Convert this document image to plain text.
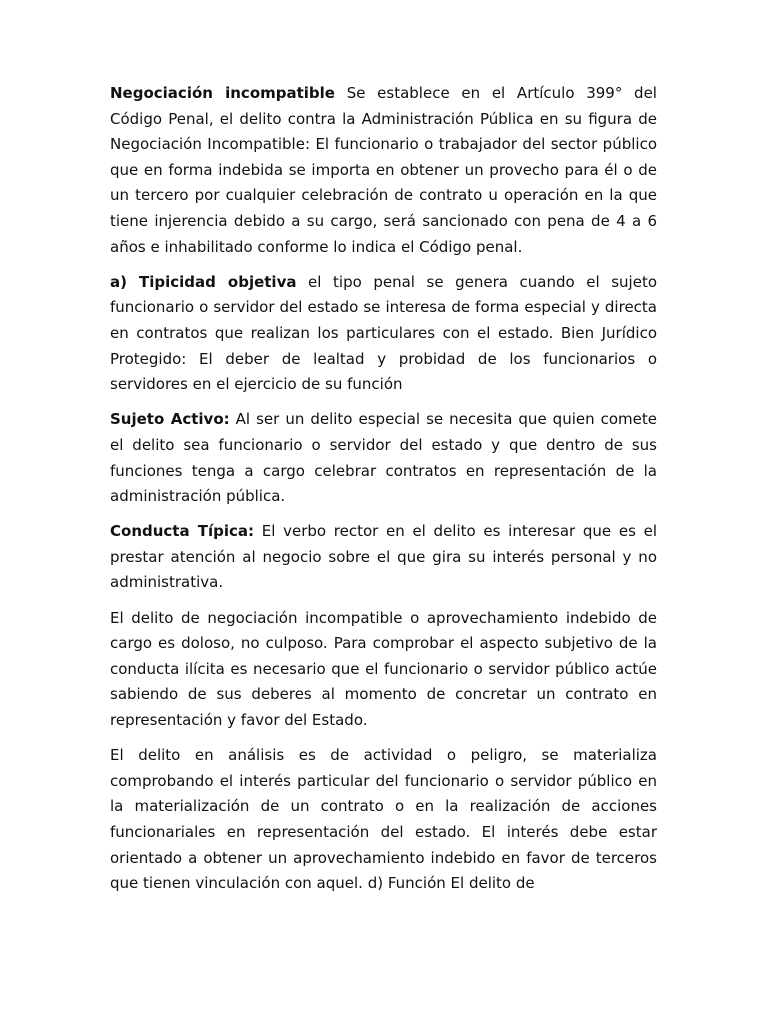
Negociación incompatible Se establece en el Artículo 399° del Código Penal, el delito contra la Administración Pública en su figura de Negociación Incompatible: El funcionario o trabajador del sector público que en forma indebida se importa en obtener un provecho para él o de un tercero por cualquier celebración de contrato u operación en la que tiene injerencia debido a su cargo, será sancionado con pena de 4 a 6 años e inhabilitado conforme lo indica el Código penal.

a) Tipicidad objetiva el tipo penal se genera cuando el sujeto funcionario o servidor del estado se interesa de forma especial y directa en contratos que realizan los particulares con el estado. Bien Jurídico Protegido: El deber de lealtad y probidad de los funcionarios o servidores en el ejercicio de su función

Sujeto Activo: Al ser un delito especial se necesita que quien comete el delito sea funcionario o servidor del estado y que dentro de sus funciones tenga a cargo celebrar contratos en representación de la administración pública.

Conducta Típica: El verbo rector en el delito es interesar que es el prestar atención al negocio sobre el que gira su interés personal y no administrativa.

El delito de negociación incompatible o aprovechamiento indebido de cargo es doloso, no culposo. Para comprobar el aspecto subjetivo de la conducta ilícita es necesario que el funcionario o servidor público actúe sabiendo de sus deberes al momento de concretar un contrato en representación y favor del Estado.

El delito en análisis es de actividad o peligro, se materializa comprobando el interés particular del funcionario o servidor público en la materialización de un contrato o en la realización de acciones funcionariales en representación del estado. El interés debe estar orientado a obtener un aprovechamiento indebido en favor de terceros que tienen vinculación con aquel. d) Función El delito de
